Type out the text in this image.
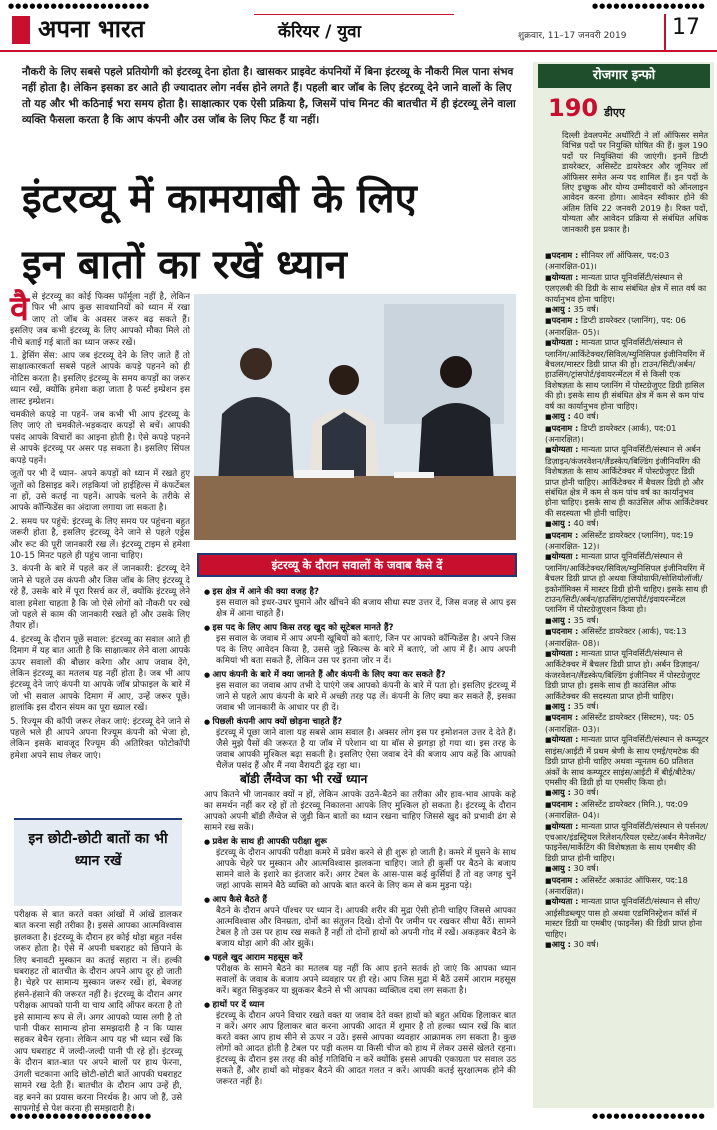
●●●●●●●●●●●●●●●●●●●●	●●●●●●●●●●●●●●●●
अपना भारत	कॅरियर / युवा	शुक्रवार, 11–17 जनवरी 2019 17
नौकरी के लिए सबसे पहले प्रतियोगी को इंटरव्यू देना होता है। खासकर प्राइवेट कंपनियों में बिना इंटरव्यू के नौकरी मिल पाना संभव नहीं होता है। लेकिन इसका डर आते ही ज्यादातर लोग नर्वस होने लगते हैं। पहली बार जॉब के लिए इंटरव्यू देने जाने वालों के लिए तो यह और भी कठिनाई भरा समय होता है। साक्षात्कार एक ऐसी प्रक्रिया है, जिसमें पांच मिनट की बातचीत में ही इंटरव्यू लेने वाला व्यक्ति फैसला करता है कि आप कंपनी और उस जॉब के लिए फिट हैं या नहीं।
इंटरव्यू में कामयाबी के लिए
इन बातों का रखें ध्यान
वै से इंटरव्यू का कोई फिक्स फॉर्मूला नहीं है, लेकिन फिर भी आप कुछ सावधानियों को ध्यान में रखा जाए तो जॉब के अवसर जरूर बढ़ सकते हैं। इसलिए जब कभी इंटरव्यू के लिए आपको मौका मिले तो नीचे बताई गई बातों का ध्यान जरूर रखें।

1. ड्रेसिंग सेंस: आप जब इंटरव्यू देने के लिए जाते हैं तो साक्षात्कारकर्ता सबसे पहले आपके कपड़े पहनने को ही नोटिस करता है। इसलिए इंटरव्यू के समय कपड़ों का जरूर ध्यान रखें, क्योंकि हमेशा कहा जाता है फर्स्ट इम्प्रेशन इस लास्ट इम्प्रेशन।

चमकीले कपड़े ना पहनें- जब कभी भी आप इंटरव्यू के लिए जाएं तो चमकीले-भड़कदार कपड़ों से बचें। आपकी पसंद आपके विचारों का आइना होती है। ऐसे कपड़े पहनने से आपके इंटरव्यू पर असर पड़ सकता है। इसलिए सिंपल कपड़े पहनें।

जूतों पर भी दें ध्यान- अपने कपड़ों को ध्यान में रखते हुए जूतों को डिसाइड करें। लड़कियां जो हाईहिल्स में कंफर्टेबल ना हों, उसे कतई ना पहनें। आपके चलने के तरीके से आपके कॉन्फिडेंस का अंदाजा लगाया जा सकता है।

2. समय पर पहुंचें: इंटरव्यू के लिए समय पर पहुंचना बहुत जरूरी होता है, इसलिए इंटरव्यू देने जाने से पहले एड्रेस और रूट की पूरी जानकारी रख लें। इंटरव्यू टाइम से हमेशा 10-15 मिनट पहले ही पहुंच जाना चाहिए।

3. कंपनी के बारे में पहले कर लें जानकारी: इंटरव्यू देने जाने से पहले उस कंपनी और जिस जॉब के लिए इंटरव्यू दे रहे हैं, उसके बारे में पूरा रिसर्च कर लें, क्योंकि इंटरव्यू लेने वाला हमेशा चाहता है कि जो ऐसे लोगों को नौकरी पर रखे जो पहले से काम की जानकारी रखते हों और उसके लिए तैयार हों।

4. इंटरव्यू के दौरान पूछें सवाल: इंटरव्यू का सवाल आते ही दिमाग में यह बात आती है कि साक्षात्कार लेने वाला आपके ऊपर सवालों की बौछार करेगा और आप जवाब देंगे, लेकिन इंटरव्यू का मतलब यह नहीं होता है। जब भी आप इंटरव्यू देने जाएं कंपनी या आपके जॉब प्रोफाइल के बारे में जो भी सवाल आपके दिमाग में आए, उन्हें जरूर पूछें। हालांकि इस दौरान संयम का पूरा ख्याल रखें।

5. रिज्यूम की कॉपी जरूर लेकर जाएं: इंटरव्यू देने जाने से पहले भले ही आपने अपना रिज्यूम कंपनी को भेजा हो, लेकिन इसके बावजूद रिज्यूम की अतिरिक्त फोटोकॉपी हमेशा अपने साथ लेकर जाएं।

इंटरव्यू के दौरान सवालों के जवाब कैसे दें
● इस क्षेत्र में आने की क्या वजह है?
इस सवाल को इधर-उधर घुमाने और खींचने की बजाय सीधा स्पष्ट उत्तर दें, जिस वजह से आप इस क्षेत्र में आना चाहते हैं।
● इस पद के लिए आप किस तरह खुद को सूटेबल मानते हैं?
इस सवाल के जवाब में आप अपनी खूबियों को बताएं, जिन पर आपको कॉन्फिडेंस है। अपने जिस पद के लिए आवेदन किया है, उससे जुड़े स्किल्स के बारे में बताएं, जो आप में हैं। आप अपनी कमियां भी बता सकते हैं, लेकिन उस पर इतना जोर न दें।
● आप कंपनी के बारे में क्या जानते हैं और कंपनी के लिए क्या कर सकते हैं?
इस सवाल का जवाब आप तभी दे पाएंगे जब आपको कंपनी के बारे में पता हो। इसलिए इंटरव्यू में जाने से पहले आप कंपनी के बारे में अच्छी तरह पढ़ लें। कंपनी के लिए क्या कर सकते हैं, इसका जवाब भी जानकारी के आधार पर ही दें।
● पिछली कंपनी आप क्यों छोड़ना चाहते हैं?
इंटरव्यू में पूछा जाने वाला यह सबसे आम सवाल है। अक्सर लोग इस पर इमोशनल उत्तर दे देते हैं। जैसे मुझे पैसों की जरूरत है या जॉब में परेशान था या बॉस से झगड़ा हो गया था। इस तरह के जवाब आपकी मुश्किल बढ़ा सकती है। इसलिए ऐसा जवाब देने की बजाय आप कहें कि आपको चैलेंज पसंद हैं और मैं नया वैरायटी ढूंढ़ रहा था।
बॉडी लैंग्वेज का भी रखें ध्यान
आप कितने भी जानकार क्यों न हों, लेकिन आपके उठने-बैठने का तरीका और हाव-भाव आपके कहे का समर्थन नहीं कर रहे हों तो इंटरव्यू निकालना आपके लिए मुश्किल हो सकता है। इंटरव्यू के दौरान आपको अपनी बॉडी लैंग्वेज से जुड़ी किन बातों का ध्यान रखना चाहिए जिससे खुद को प्रभावी ढंग से सामने रख सकें।
● प्रवेश के साथ ही आपकी परीक्षा शुरू
इंटरव्यू के दौरान आपकी परीक्षा कमरे में प्रवेश करने से ही शुरू हो जाती है। कमरे में घुसने के साथ आपके चेहरे पर मुस्कान और आत्मविश्वास झलकना चाहिए। जाते ही कुर्सी पर बैठने के बजाय सामने वाले के इशारे का इंतजार करें। अगर टेबल के आस-पास कई कुर्सियां हैं तो वह जगह चुनें जहां आपके सामने बैठे व्यक्ति को आपके बात करने के लिए कम से कम मुड़ना पड़े।
● आप कैसे बैठते हैं
बैठने के दौरान अपने पॉश्चर पर ध्यान दें। आपकी शरीर की मुद्रा ऐसी होनी चाहिए जिससे आपका आत्मविश्वास और विनम्रता, दोनों का संतुलन दिखे। दोनों पैर जमीन पर रखकर सीधा बैठें। सामने टेबल है तो उस पर हाथ रख सकते हैं नहीं तो दोनों हाथों को अपनी गोद में रखें। अकड़कर बैठने के बजाय थोड़ा आगे की ओर झुकें।
● पहले खुद आराम महसूस करें
परीक्षक के सामने बैठने का मतलब यह नहीं कि आप इतने सतर्क हो जाएं कि आपका ध्यान सवालों के जवाब के बजाय अपने व्यवहार पर ही रहे। आप जिस मुद्रा में बैठें उसमें आराम महसूस करें। बहुत सिकुड़कर या झुककर बैठने से भी आपका व्यक्तित्व दबा लग सकता है।
● हाथों पर दें ध्यान
इंटरव्यू के दौरान अपने विचार रखते वक्त या जवाब देते वक्त हाथों को बहुत अधिक हिलाकर बात न करें। अगर आप हिलाकर बात करना आपकी आदत में शुमार है तो हल्का ध्यान रखें कि बात करते वक्त आप हाथ सीने से ऊपर न उठें। इससे आपका व्यवहार आक्रामक लग सकता है। कुछ लोगों को आदत होती है टेबल पर पड़ी कलम या किसी चीज को हाथ में लेकर उससे खेलते रहना। इंटरव्यू के दौरान इस तरह की कोई गतिविधि न करें क्योंकि इससे आपकी एकाग्रता पर सवाल उठ सकते हैं, और हाथों को मोड़कर बैठने की आदत गलत न करें। आपकी कतई सुरक्षात्मक होने की जरूरत नहीं है।
इन छोटी-छोटी बातों का भी ध्यान रखें
परीक्षक से बात करते वक्त आंखों में आंखें डालकर बात करना सही तरीका है। इससे आपका आत्मविश्वास झलकता है। इंटरव्यू के दौरान हर कोई थोड़ा बहुत नर्वस जरूर होता है। ऐसे में अपनी घबराहट को छिपाने के लिए बनावटी मुस्कान का कतई सहारा न लें। हल्की घबराहट तो बातचीत के दौरान अपने आप दूर हो जाती है। चेहरे पर सामान्य मुस्कान जरूर रखें। हां, बेवजह हंसने-हंसाने की जरूरत नहीं है। इंटरव्यू के दौरान अगर परीक्षक आपको पानी या चाय आदि ऑफर करता है तो इसे सामान्य रूप से लें। अगर आपको प्यास लगी है तो पानी पीकर सामान्य होना समझदारी है न कि प्यास सहकर बेचैन रहना। लेकिन आप यह भी ध्यान रखें कि आप घबराहट में जल्दी-जल्दी पानी पी रहे हों। इंटरव्यू के दौरान बात-बात पर अपने बालों पर हाथ फेरना, उंगली चटकाना आदि छोटी-छोटी बातें आपकी घबराहट सामने रख देती हैं। बातचीत के दौरान आप उन्हें ही, वह बनने का प्रयास करना निरर्थक है। आप जो हैं, उसे साफगोई से पेश करना ही समझदारी है।
रोजगार इन्फो
190 डीएए
दिल्ली डेवलपमेंट अथॉरिटी ने लॉ ऑफिसर समेत विभिन्न पदों पर नियुक्ति घोषित की हैं। कुल 190 पदों पर नियुक्तियां की जाएंगी। इनमें डिप्टी डायरेक्टर, असिस्टेंट डायरेक्टर और जूनियर लॉ ऑफिसर समेत अन्य पद शामिल हैं। इन पदों के लिए इच्छुक और योग्य उम्मीदवारों को ऑनलाइन आवेदन करना होगा। आवेदन स्वीकार होने की अंतिम तिथि 22 जनवरी 2019 है। रिक्त पदों, योग्यता और आवेदन प्रक्रिया से संबंधित अधिक जानकारी इस प्रकार है।
■ पदनाम : सीनियर लॉ ऑफिसर, पद:03 (अनारक्षित-01)।
■ योग्यता : मान्यता प्राप्त यूनिवर्सिटी/संस्थान से एलएलबी की डिग्री के साथ संबंधित क्षेत्र में सात वर्ष का कार्यानुभव होना चाहिए।
■ आयु : 35 वर्ष।
■ पदनाम : डिप्टी डायरेक्टर (प्लानिंग), पद: 06 (अनारक्षित- 05)।
■ योग्यता : मान्यता प्राप्त यूनिवर्सिटी/संस्थान से प्लानिंग/आर्किटेक्चर/सिविल/म्युनिसिपल इंजीनियरिंग में बैचलर/मास्टर डिग्री प्राप्त की हो। टाउन/सिटी/अर्बन/हाउसिंग/ट्रांसपोर्ट/इंवायरन्मेंटल में से किसी एक विशेषज्ञता के साथ प्लानिंग में पोस्टग्रेजुएट डिग्री हासिल की हो। इसके साथ ही संबंधित क्षेत्र में कम से कम पांच वर्ष का कार्यानुभव होना चाहिए।
■ आयु : 40 वर्ष।
■ पदनाम : डिप्टी डायरेक्टर (आर्क), पद:01 (अनारक्षित)।
■ योग्यता : मान्यता प्राप्त यूनिवर्सिटी/संस्थान से अर्बन डिज़ाइन/कंजरवेशन/लैंडस्केप/बिल्डिंग इंजीनियरिंग की विशेषज्ञता के साथ आर्किटेक्चर में पोस्टग्रेजुएट डिग्री प्राप्त होनी चाहिए। आर्किटेक्चर में बैचलर डिग्री हो और संबंधित क्षेत्र में कम से कम पांच वर्ष का कार्यानुभव होना चाहिए। इसके साथ ही काउंसिल ऑफ आर्किटेक्चर की सदस्यता भी होनी चाहिए।
■ आयु : 40 वर्ष।
■ पदनाम : असिस्टेंट डायरेक्टर (प्लानिंग), पद:19 (अनारक्षित- 12)।
■ योग्यता : मान्यता प्राप्त यूनिवर्सिटी/संस्थान से प्लानिंग/आर्किटेक्चर/सिविल/म्युनिसिपल इंजीनियरिंग में बैचलर डिग्री प्राप्त हो अथवा जियोग्राफी/सोशियोलॉजी/इकोनॉमिक्स में मास्टर डिग्री होनी चाहिए। इसके साथ ही टाउन/सिटी/अर्बन/हाउसिंग/ट्रांसपोर्ट/इंवायरन्मेंटल प्लानिंग में पोस्टग्रेजुएशन किया हो।
■ आयु : 35 वर्ष।
■ पदनाम : असिस्टेंट डायरेक्टर (आर्क), पद:13 (अनारक्षित- 08)।
■ योग्यता : मान्यता प्राप्त यूनिवर्सिटी/संस्थान से आर्किटेक्चर में बैचलर डिग्री प्राप्त हो। अर्बन डिज़ाइन/कंजरवेशन/लैंडस्केप/बिल्डिंग इंजीनियर में पोस्टग्रेजुएट डिग्री प्राप्त हो। इसके साथ ही काउंसिल ऑफ आर्किटेक्चर की सदस्यता प्राप्त होनी चाहिए।
■ आयु : 35 वर्ष।
■ पदनाम : असिस्टेंट डायरेक्टर (सिस्टम), पद: 05 (अनारक्षित- 03)।
■ योग्यता : मान्यता प्राप्त यूनिवर्सिटी/संस्थान से कम्प्यूटर साइंस/आईटी में प्रथम श्रेणी के साथ एमई/एमटेक की डिग्री प्राप्त होनी चाहिए अथवा न्यूनतम 60 प्रतिशत अंकों के साथ कम्प्यूटर साइंस/आईटी में बीई/बीटेक/एमसीए की डिग्री हो या एमसीए किया हो।
■ आयु : 30 वर्ष।
■ पदनाम : असिस्टेंट डायरेक्टर (मिनि.), पद:09 (अनारक्षित- 04)।
■ योग्यता : मान्यता प्राप्त यूनिवर्सिटी/संस्थान से पर्सनल/एचआर/इंडस्ट्रियल रिलेशन/रियल एस्टेट/अर्बन मैनेजमेंट/फाइनेंस/मार्केटिंग की विशेषज्ञता के साथ एमबीए की डिग्री प्राप्त होनी चाहिए।
■ आयु : 30 वर्ष।
■ पदनाम : असिस्टेंट अकाउंट ऑफिसर, पद:18 (अनारक्षित)।
■ योग्यता : मान्यता प्राप्त यूनिवर्सिटी/संस्थान से सीए/आईसीडब्ल्यूए पास हो अथवा एडमिनिस्ट्रेशन कॉर्स में मास्टर डिग्री या एमबीए (फाइनेंस) की डिग्री प्राप्त होना चाहिए।
■ आयु : 30 वर्ष।
●●●●●●●●●●●●●●●●●●●●	●●●●●●●●●●●●●●●●
